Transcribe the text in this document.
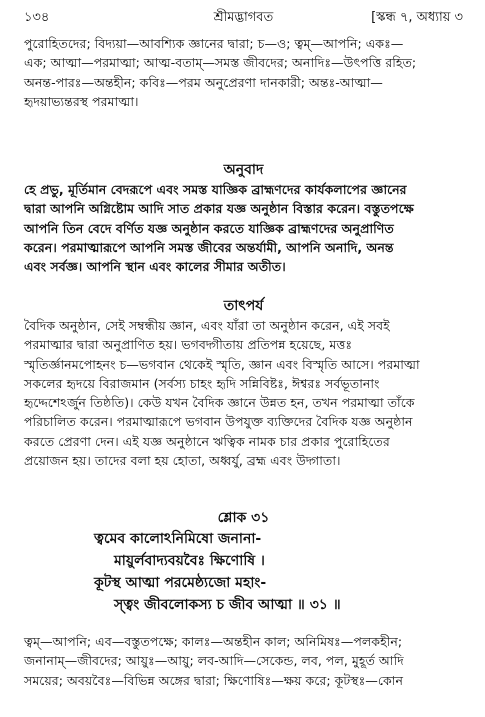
১৩৪	শ্রীমদ্ভাগবত	[স্কন্ধ ৭, অধ্যায় ৩

পুরোহিতদের; বিদ্যয়া—আবশ্যিক জ্ঞানের দ্বারা; চ—ও; ত্বম্—আপনি; একঃ—

এক; আত্মা—পরমাত্মা; আত্ম-বতাম্—সমস্ত জীবদের; অনাদিঃ—উৎপত্তি রহিত;

অনন্ত-পারঃ—অন্তহীন; কবিঃ—পরম অনুপ্রেরণা দানকারী; অন্তঃ-আত্মা—

হৃদয়াভ্যন্তরস্থ পরমাত্মা।

অনুবাদ

হে প্রভু, মূর্তিমান বেদরূপে এবং সমস্ত যাজ্ঞিক ব্রাহ্মণদের কার্যকলাপের জ্ঞানের

দ্বারা আপনি অগ্নিষ্টোম আদি সাত প্রকার যজ্ঞ অনুষ্ঠান বিস্তার করেন। বস্তুতপক্ষে

আপনি তিন বেদে বর্ণিত যজ্ঞ অনুষ্ঠান করতে যাজ্ঞিক ব্রাহ্মণদের অনুপ্রাণিত

করেন। পরমাত্মারূপে আপনি সমস্ত জীবের অন্তর্যামী, আপনি অনাদি, অনন্ত

এবং সর্বজ্ঞ। আপনি স্থান এবং কালের সীমার অতীত।

তাৎপর্য

বৈদিক অনুষ্ঠান, সেই সম্বন্ধীয় জ্ঞান, এবং যাঁরা তা অনুষ্ঠান করেন, এই সবই

পরমাত্মার দ্বারা অনুপ্রাণিত হয়। ভগবদ্গীতায় প্রতিপন্ন হয়েছে, মত্তঃ

স্মৃতির্জ্ঞানমপোহনং চ—ভগবান থেকেই স্মৃতি, জ্ঞান এবং বিস্মৃতি আসে। পরমাত্মা

সকলের হৃদয়ে বিরাজমান (সর্বস্য চাহং হৃদি সন্নিবিষ্টঃ, ঈশ্বরঃ সর্বভূতানাং

হৃদ্দেশেঽর্জুন তিষ্ঠতি)। কেউ যখন বৈদিক জ্ঞানে উন্নত হন, তখন পরমাত্মা তাঁকে

পরিচালিত করেন। পরমাত্মারূপে ভগবান উপযুক্ত ব্যক্তিদের বৈদিক যজ্ঞ অনুষ্ঠান

করতে প্রেরণা দেন। এই যজ্ঞ অনুষ্ঠানে ঋত্বিক নামক চার প্রকার পুরোহিতের

প্রয়োজন হয়। তাদের বলা হয় হোতা, অধ্বর্যু, ব্রহ্ম এবং উদ্গাতা।

শ্লোক ৩১

ত্বমেব কালোঽনিমিষো জনানা-
মায়ুর্লবাদ্যবয়বৈঃ ক্ষিণোষি ।
কূটস্থ আত্মা পরমেষ্ঠ্যজো মহাং-
স্ত্বং জীবলোকস্য চ জীব আত্মা ॥ ৩১ ॥

ত্বম্—আপনি; এব—বস্তুতপক্ষে; কালঃ—অন্তহীন কাল; অনিমিষঃ—পলকহীন;

জনানাম্—জীবদের; আয়ুঃ—আয়ু; লব-আদি—সেকেন্ড, লব, পল, মুহূর্ত আদি

সময়ের; অবয়বৈঃ—বিভিন্ন অঙ্গের দ্বারা; ক্ষিণোষিঃ—ক্ষয় করে; কূটস্থঃ—কোন
